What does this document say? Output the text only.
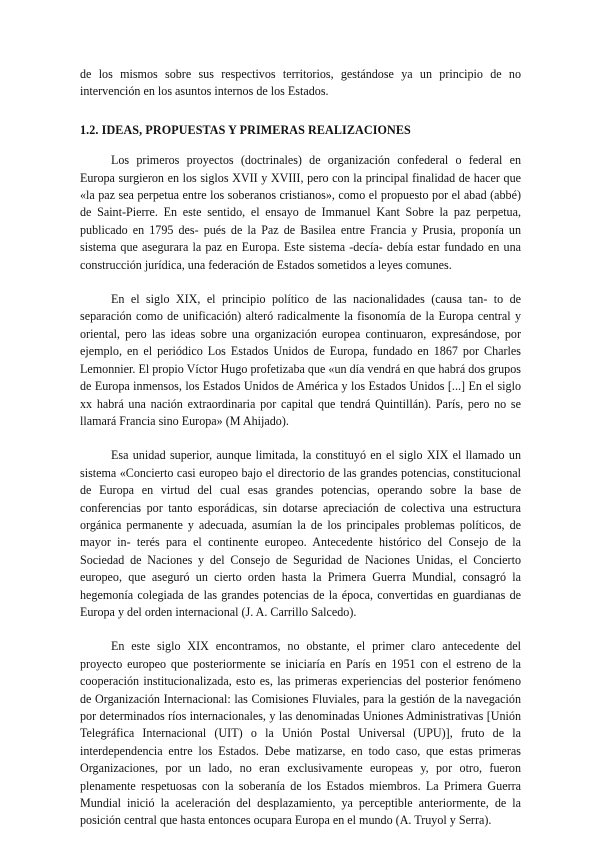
de los mismos sobre sus respectivos territorios, gestándose ya un principio de no intervención en los asuntos internos de los Estados.

1.2. IDEAS, PROPUESTAS Y PRIMERAS REALIZACIONES

Los primeros proyectos (doctrinales) de organización confederal o federal en Europa surgieron en los siglos XVII y XVIII, pero con la principal finalidad de hacer que «la paz sea perpetua entre los soberanos cristianos», como el propuesto por el abad (abbé) de Saint-Pierre. En este sentido, el ensayo de Immanuel Kant Sobre la paz perpetua, publicado en 1795 des- pués de la Paz de Basilea entre Francia y Prusia, proponía un sistema que asegurara la paz en Europa. Este sistema -decía- debía estar fundado en una construcción jurídica, una federación de Estados sometidos a leyes comunes.

En el siglo XIX, el principio político de las nacionalidades (causa tan- to de separación como de unificación) alteró radicalmente la fisonomía de la Europa central y oriental, pero las ideas sobre una organización europea continuaron, expresándose, por ejemplo, en el periódico Los Estados Unidos de Europa, fundado en 1867 por Charles Lemonnier. El propio Víctor Hugo profetizaba que «un día vendrá en que habrá dos grupos de Europa inmensos, los Estados Unidos de América y los Estados Unidos [...] En el siglo xx habrá una nación extraordinaria por capital que tendrá Quintillán). París, pero no se llamará Francia sino Europa» (M Ahijado).

Esa unidad superior, aunque limitada, la constituyó en el siglo XIX el llamado un sistema «Concierto casi europeo bajo el directorio de las grandes potencias, constitucional de Europa en virtud del cual esas grandes potencias, operando sobre la base de conferencias por tanto esporádicas, sin dotarse apreciación de colectiva una estructura orgánica permanente y adecuada, asumían la de los principales problemas políticos, de mayor in- terés para el continente europeo. Antecedente histórico del Consejo de la Sociedad de Naciones y del Consejo de Seguridad de Naciones Unidas, el Concierto europeo, que aseguró un cierto orden hasta la Primera Guerra Mundial, consagró la hegemonía colegiada de las grandes potencias de la época, convertidas en guardianas de Europa y del orden internacional (J. A. Carrillo Salcedo).

En este siglo XIX encontramos, no obstante, el primer claro antecedente del proyecto europeo que posteriormente se iniciaría en París en 1951 con el estreno de la cooperación institucionalizada, esto es, las primeras experiencias del posterior fenómeno de Organización Internacional: las Comisiones Fluviales, para la gestión de la navegación por determinados ríos internacionales, y las denominadas Uniones Administrativas [Unión Telegráfica Internacional (UIT) o la Unión Postal Universal (UPU)], fruto de la interdependencia entre los Estados. Debe matizarse, en todo caso, que estas primeras Organizaciones, por un lado, no eran exclusivamente europeas y, por otro, fueron plenamente respetuosas con la soberanía de los Estados miembros. La Primera Guerra Mundial inició la aceleración del desplazamiento, ya perceptible anteriormente, de la posición central que hasta entonces ocupara Europa en el mundo (A. Truyol y Serra).
